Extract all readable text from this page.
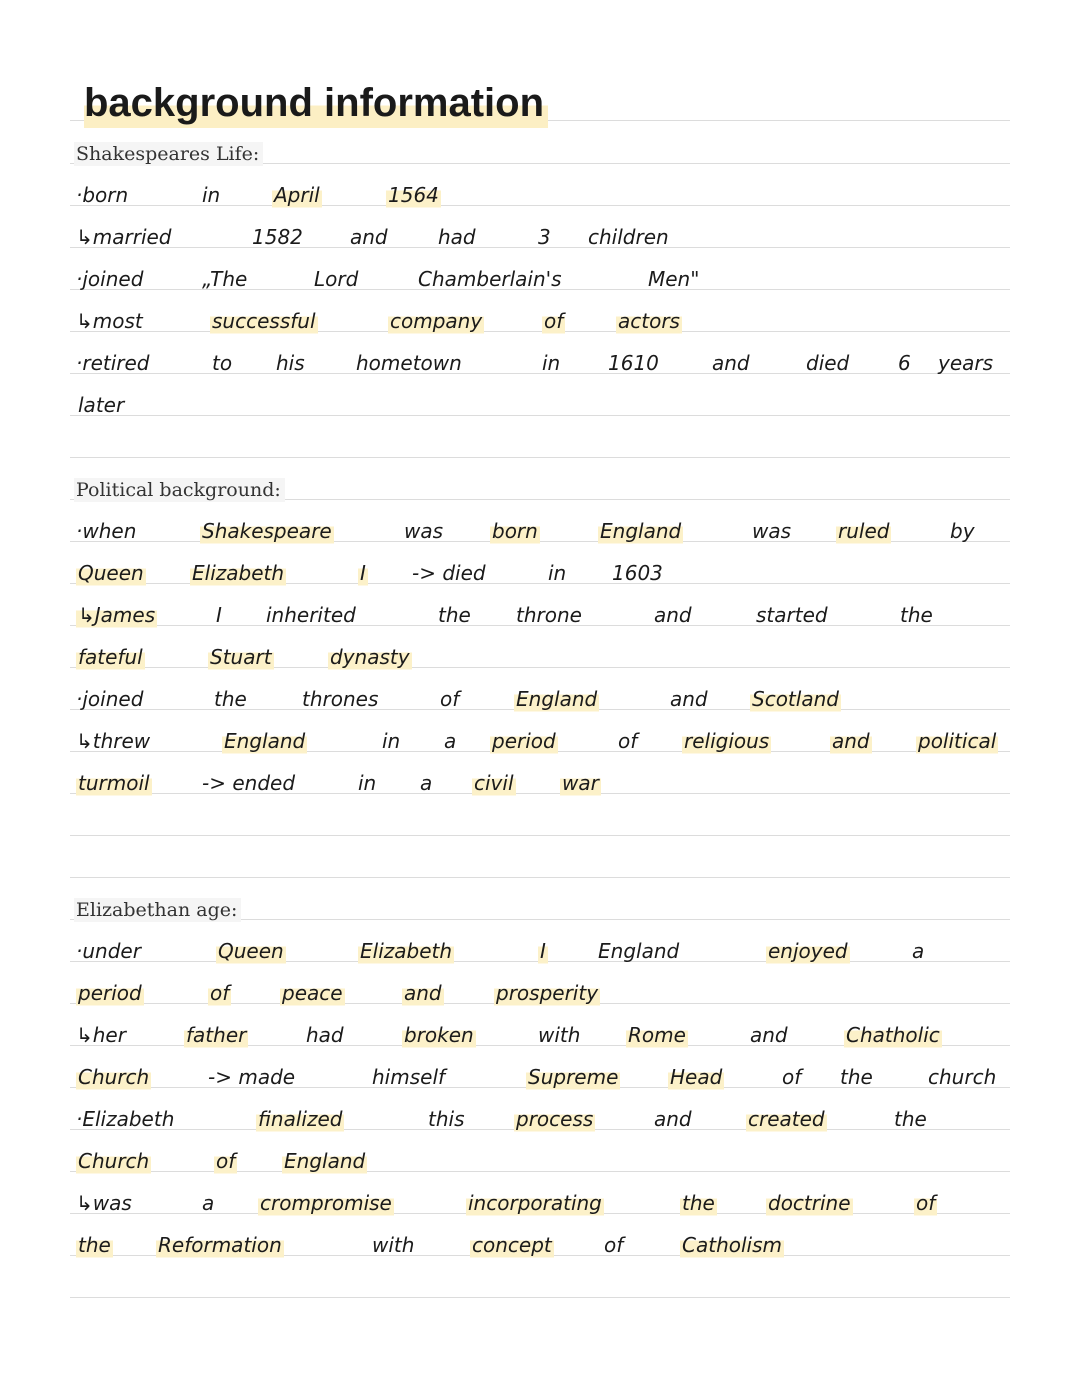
background information
Shakespeares Life:
·born	in	April	1564
↳married	1582 and	had	3 children
·joined	„The	Lord	Chamberlain's	Men"
↳most	successful	company	of	actors
·retired	to his	hometown	in 1610	and	died 6 years
later
Political background:
·when	Shakespeare	was born	England	was ruled	by
Queen Elizabeth	I -> died	in 1603
↳James	I inherited	the throne	and	started	the
fateful	Stuart	dynasty
·joined	the	thrones	of	England	and Scotland
↳threw	England	in a period	of religious	and political
turmoil	-> ended	in a civil war
Elizabethan age:
·under	Queen	Elizabeth	I	England	enjoyed	a
period	of	peace	and	prosperity
↳her	father	had	broken	with Rome	and	Chatholic
Church	-> made	himself	Supreme	Head	of the	church
·Elizabeth	finalized	this	process	and	created	the
Church	of England
↳was	a crompromise	incorporating	the	doctrine	of
the Reformation	with	concept	of	Catholism
